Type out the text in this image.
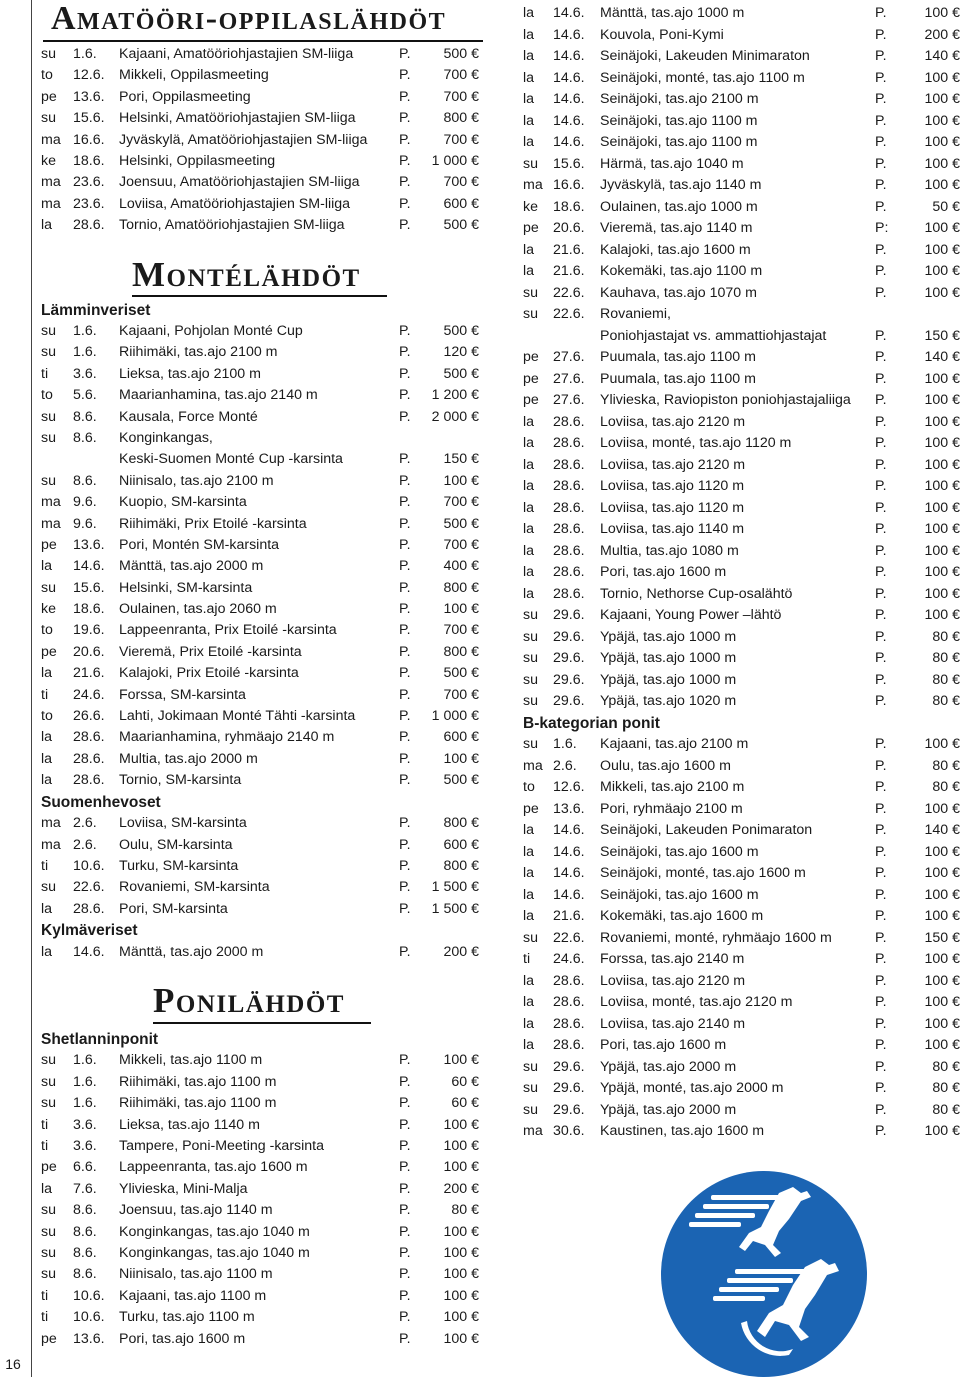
16
Amatööri-oppilaslähdöt
su 1.6. Kajaani, Amatööriohjastajien SM-liiga	P. 500 €
to 12.6. Mikkeli, Oppilasmeeting	P. 700 €
pe 13.6. Pori, Oppilasmeeting	P. 700 €
su 15.6. Helsinki, Amatööriohjastajien SM-liiga	P. 800 €
ma 16.6. Jyväskylä, Amatööriohjastajien SM-liiga P. 700 €
ke 18.6. Helsinki, Oppilasmeeting	P. 1 000 €
ma 23.6. Joensuu, Amatööriohjastajien SM-liiga	P. 700 €
ma 23.6. Loviisa, Amatööriohjastajien SM-liiga	P. 600 €
la 28.6. Tornio, Amatööriohjastajien SM-liiga	P. 500 €
Montélähdöt
Lämminveriset
su 1.6. Kajaani, Pohjolan Monté Cup	P. 500 €
su 1.6. Riihimäki, tas.ajo 2100 m	P. 120 €
ti 3.6. Lieksa, tas.ajo 2100 m	P. 500 €
to 5.6. Maarianhamina, tas.ajo 2140 m	P. 1 200 €
su 8.6. Kausala, Force Monté	P. 2 000 €
su 8.6. Konginkangas,
Keski-Suomen Monté Cup -karsinta	P. 150 €
su 8.6. Niinisalo, tas.ajo 2100 m	P. 100 €
ma 9.6. Kuopio, SM-karsinta	P. 700 €
ma 9.6. Riihimäki, Prix Etoilé -karsinta	P. 500 €
pe 13.6. Pori, Montén SM-karsinta	P. 700 €
la 14.6. Mänttä, tas.ajo 2000 m	P. 400 €
su 15.6. Helsinki, SM-karsinta	P. 800 €
ke 18.6. Oulainen, tas.ajo 2060 m	P. 100 €
to 19.6. Lappeenranta, Prix Etoilé -karsinta	P. 700 €
pe 20.6. Vieremä, Prix Etoilé -karsinta	P. 800 €
la 21.6. Kalajoki, Prix Etoilé -karsinta	P. 500 €
ti 24.6. Forssa, SM-karsinta	P. 700 €
to 26.6. Lahti, Jokimaan Monté Tähti -karsinta	P. 1 000 €
la 28.6. Maarianhamina, ryhmäajo 2140 m	P. 600 €
la 28.6. Multia, tas.ajo 2000 m	P. 100 €
la 28.6. Tornio, SM-karsinta	P. 500 €
Suomenhevoset
ma 2.6. Loviisa, SM-karsinta	P. 800 €
ma 2.6. Oulu, SM-karsinta	P. 600 €
ti 10.6. Turku, SM-karsinta	P. 800 €
su 22.6. Rovaniemi, SM-karsinta	P. 1 500 €
la 28.6. Pori, SM-karsinta	P. 1 500 €
Kylmäveriset
la 14.6. Mänttä, tas.ajo 2000 m	P. 200 €
Ponilähdöt
Shetlanninponit
su 1.6. Mikkeli, tas.ajo 1100 m	P. 100 €
su 1.6. Riihimäki, tas.ajo 1100 m	P.	60 €
su 1.6. Riihimäki, tas.ajo 1100 m	P.	60 €
ti 3.6. Lieksa, tas.ajo 1140 m	P. 100 €
ti 3.6. Tampere, Poni-Meeting -karsinta	P. 100 €
pe 6.6. Lappeenranta, tas.ajo 1600 m	P. 100 €
la 7.6. Ylivieska, Mini-Malja	P. 200 €
su 8.6. Joensuu, tas.ajo 1140 m	P.	80 €
su 8.6. Konginkangas, tas.ajo 1040 m	P. 100 €
su 8.6. Konginkangas, tas.ajo 1040 m	P. 100 €
su 8.6. Niinisalo, tas.ajo 1100 m	P. 100 €
ti 10.6. Kajaani, tas.ajo 1100 m	P. 100 €
ti 10.6. Turku, tas.ajo 1100 m	P. 100 €
pe 13.6. Pori, tas.ajo 1600 m	P. 100 €
la 14.6. Mänttä, tas.ajo 1000 m	P.	100 €
la 14.6. Kouvola, Poni-Kymi	P.	200 €
la 14.6. Seinäjoki, Lakeuden Minimaraton	P.	140 €
la 14.6. Seinäjoki, monté, tas.ajo 1100 m	P.	100 €
la 14.6. Seinäjoki, tas.ajo 2100 m	P.	100 €
la 14.6. Seinäjoki, tas.ajo 1100 m	P.	100 €
la 14.6. Seinäjoki, tas.ajo 1100 m	P.	100 €
su 15.6. Härmä, tas.ajo 1040 m	P.	100 €
ma 16.6. Jyväskylä, tas.ajo 1140 m	P.	100 €
ke 18.6. Oulainen, tas.ajo 1000 m	P.	50 €
pe 20.6. Vieremä, tas.ajo 1140 m	P:	100 €
la 21.6. Kalajoki, tas.ajo 1600 m	P.	100 €
la 21.6. Kokemäki, tas.ajo 1100 m	P.	100 €
su 22.6. Kauhava, tas.ajo 1070 m	P.	100 €
su 22.6. Rovaniemi,
Poniohjastajat vs. ammattiohjastajat	P.	150 €
pe 27.6. Puumala, tas.ajo 1100 m	P.	140 €
pe 27.6. Puumala, tas.ajo 1100 m	P.	100 €
pe 27.6. Ylivieska, Raviopiston poniohjastajaliiga P.	100 €
la 28.6. Loviisa, tas.ajo 2120 m	P.	100 €
la 28.6. Loviisa, monté, tas.ajo 1120 m	P.	100 €
la 28.6. Loviisa, tas.ajo 2120 m	P.	100 €
la 28.6. Loviisa, tas.ajo 1120 m	P.	100 €
la 28.6. Loviisa, tas.ajo 1120 m	P.	100 €
la 28.6. Loviisa, tas.ajo 1140 m	P.	100 €
la 28.6. Multia, tas.ajo 1080 m	P.	100 €
la 28.6. Pori, tas.ajo 1600 m	P.	100 €
la 28.6. Tornio, Nethorse Cup-osalähtö	P.	100 €
su 29.6. Kajaani, Young Power –lähtö	P.	100 €
su 29.6. Ypäjä, tas.ajo 1000 m	P.	80 €
su 29.6. Ypäjä, tas.ajo 1000 m	P.	80 €
su 29.6. Ypäjä, tas.ajo 1000 m	P.	80 €
su 29.6. Ypäjä, tas.ajo 1020 m	P.	80 €
B-kategorian ponit
su 1.6. Kajaani, tas.ajo 2100 m	P.	100 €
ma 2.6. Oulu, tas.ajo 1600 m	P.	80 €
to 12.6. Mikkeli, tas.ajo 2100 m	P.	80 €
pe 13.6. Pori, ryhmäajo 2100 m	P.	100 €
la 14.6. Seinäjoki, Lakeuden Ponimaraton	P.	140 €
la 14.6. Seinäjoki, tas.ajo 1600 m	P.	100 €
la 14.6. Seinäjoki, monté, tas.ajo 1600 m	P.	100 €
la 14.6. Seinäjoki, tas.ajo 1600 m	P.	100 €
la 21.6. Kokemäki, tas.ajo 1600 m	P.	100 €
su 22.6. Rovaniemi, monté, ryhmäajo 1600 m	P.	150 €
ti 24.6. Forssa, tas.ajo 2140 m	P.	100 €
la 28.6. Loviisa, tas.ajo 2120 m	P.	100 €
la 28.6. Loviisa, monté, tas.ajo 2120 m	P.	100 €
la 28.6. Loviisa, tas.ajo 2140 m	P.	100 €
la 28.6. Pori, tas.ajo 1600 m	P.	100 €
su 29.6. Ypäjä, tas.ajo 2000 m	P.	80 €
su 29.6. Ypäjä, monté, tas.ajo 2000 m	P.	80 €
su 29.6. Ypäjä, tas.ajo 2000 m	P.	80 €
ma 30.6. Kaustinen, tas.ajo 1600 m	P.	100 €
